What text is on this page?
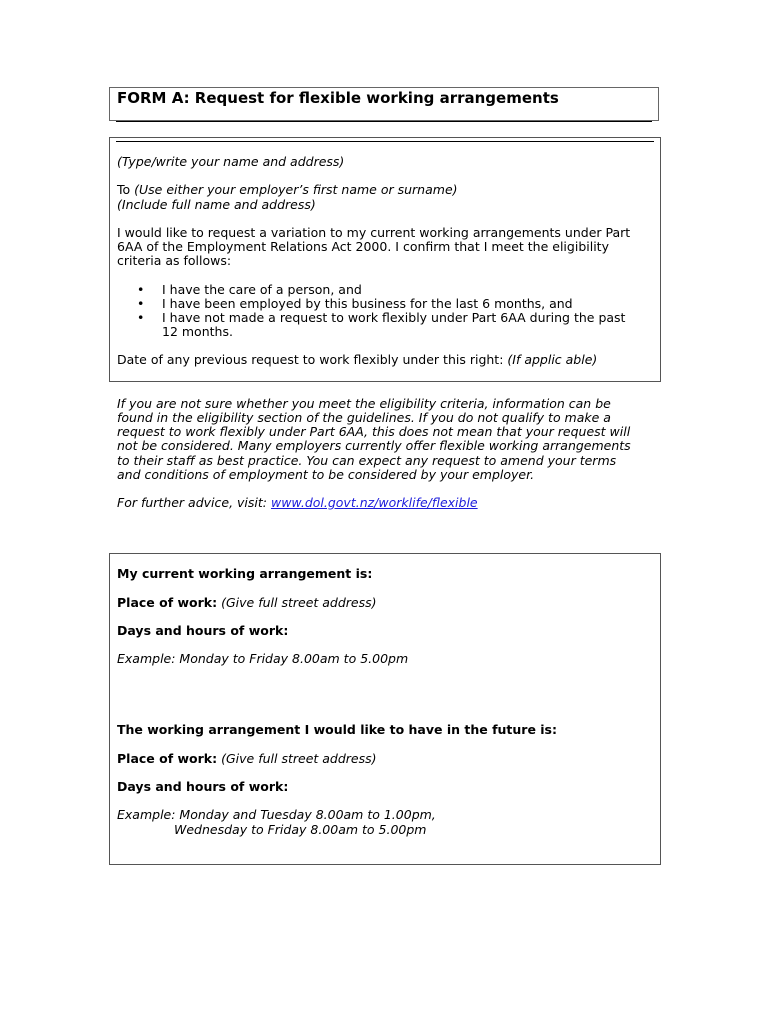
FORM A: Request for flexible working arrangements
(Type/write your name and address)
To (Use either your employer’s first name or surname)
(Include full name and address)
I would like to request a variation to my current working arrangements under Part
6AA of the Employment Relations Act 2000. I confirm that I meet the eligibility
criteria as follows:
• I have the care of a person, and
• I have been employed by this business for the last 6 months, and
• I have not made a request to work flexibly under Part 6AA during the past
12 months.
Date of any previous request to work flexibly under this right: (If applic able)
If you are not sure whether you meet the eligibility criteria, information can be
found in the eligibility section of the guidelines. If you do not qualify to make a
request to work flexibly under Part 6AA, this does not mean that your request will
not be considered. Many employers currently offer flexible working arrangements
to their staff as best practice. You can expect any request to amend your terms
and conditions of employment to be considered by your employer.
For further advice, visit: www.dol.govt.nz/worklife/flexible
My current working arrangement is:
Place of work: (Give full street address)
Days and hours of work:
Example: Monday to Friday 8.00am to 5.00pm
The working arrangement I would like to have in the future is:
Place of work: (Give full street address)
Days and hours of work:
Example: Monday and Tuesday 8.00am to 1.00pm,
Wednesday to Friday 8.00am to 5.00pm
